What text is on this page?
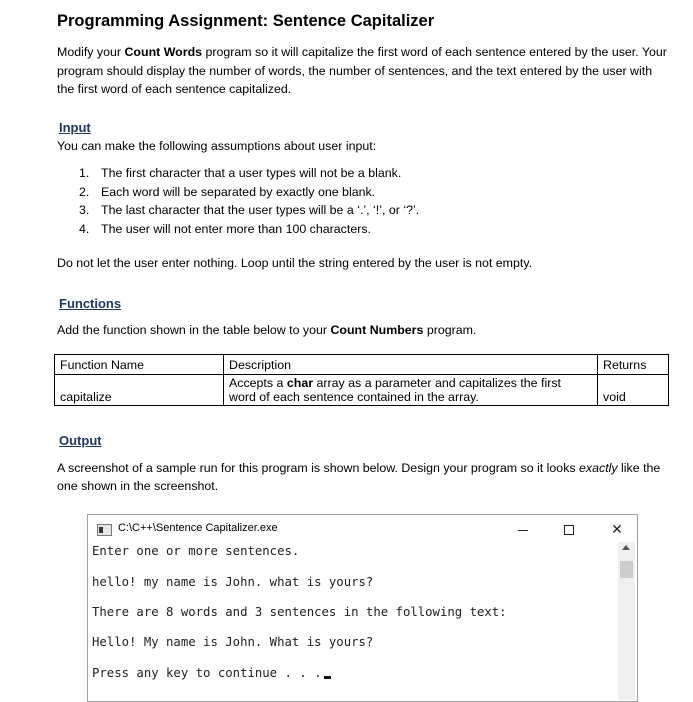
Programming Assignment: Sentence Capitalizer
Modify your Count Words program so it will capitalize the first word of each sentence entered by the user. Your program should display the number of words, the number of sentences, and the text entered by the user with the first word of each sentence capitalized.
Input
You can make the following assumptions about user input:
1. The first character that a user types will not be a blank.
2. Each word will be separated by exactly one blank.
3. The last character that the user types will be a ‘.’, ‘!’, or ‘?’.
4. The user will not enter more than 100 characters.
Do not let the user enter nothing. Loop until the string entered by the user is not empty.
Functions
Add the function shown in the table below to your Count Numbers program.
Function Name	Description	Returns
capitalize	Accepts a char array as a parameter and capitalizes the first
word of each sentence contained in the array.	void
Output
A screenshot of a sample run for this program is shown below. Design your program so it looks exactly like the one shown in the screenshot.
C:\C++\Sentence Capitalizer.exe	✕
Enter one or more sentences.
hello! my name is John. what is yours?
There are 8 words and 3 sentences in the following text:
Hello! My name is John. What is yours?
Press any key to continue . . .
